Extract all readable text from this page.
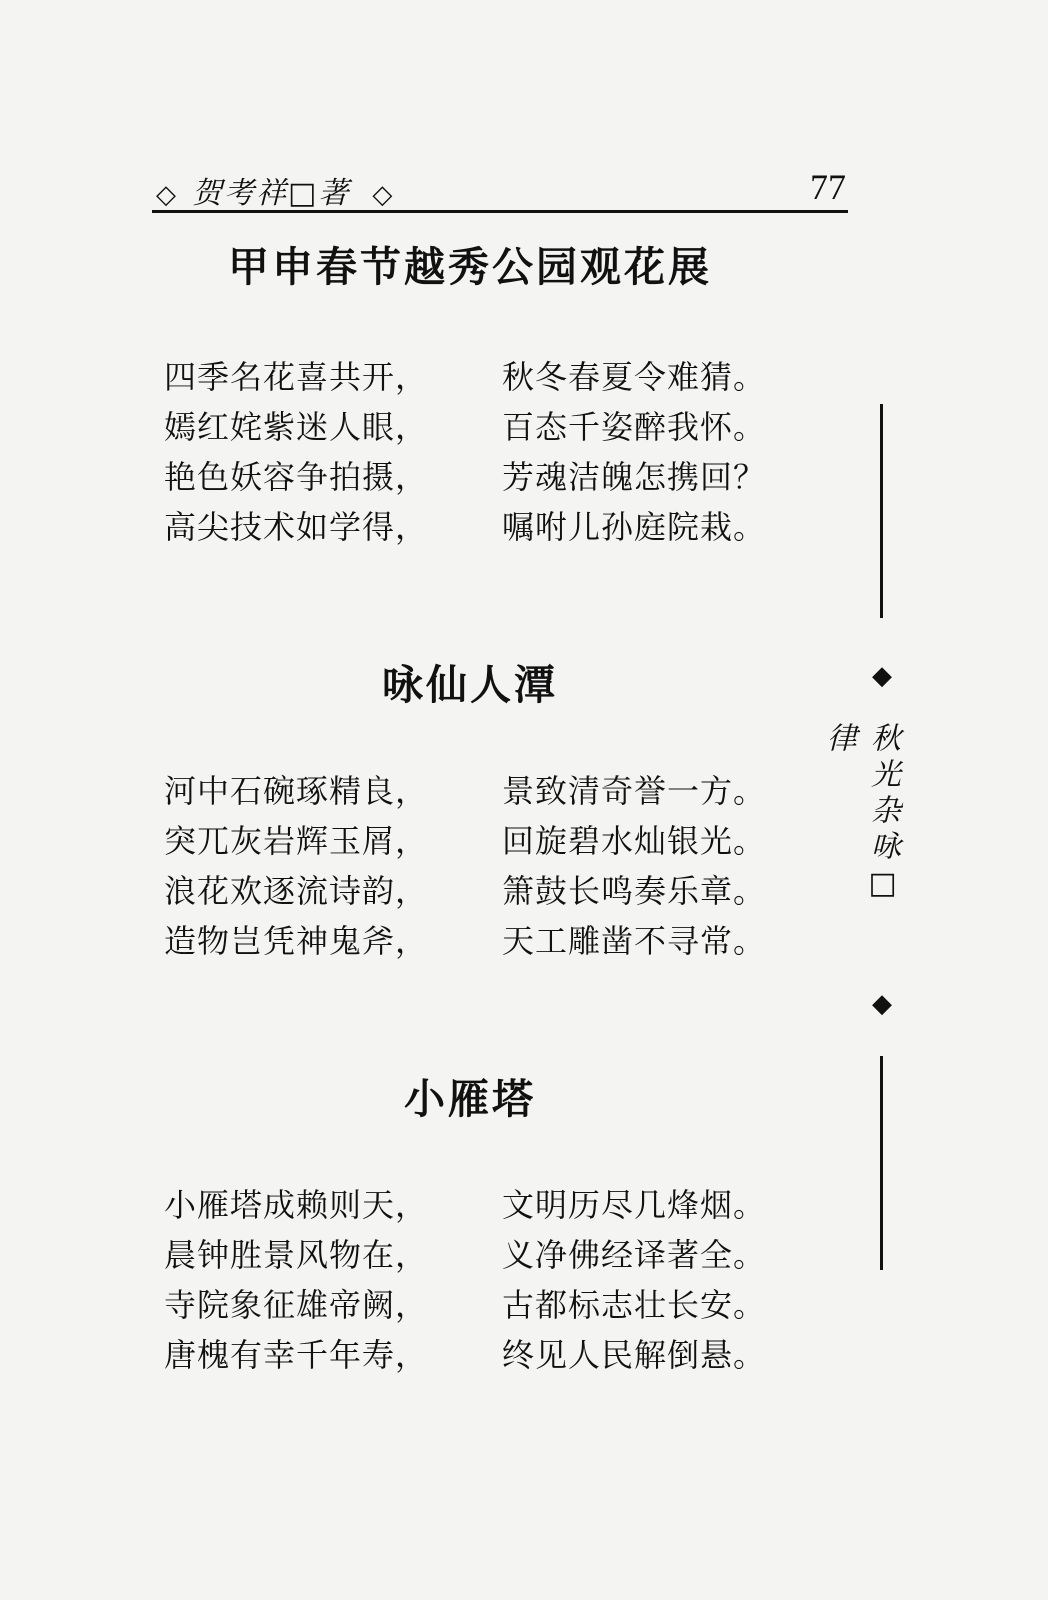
◇ 贺考祥□著 ◇	77
甲申春节越秀公园观花展
四季名花喜共开， 秋冬春夏令难猜。
嫣红姹紫迷人眼， 百态千姿醉我怀。
艳色妖容争拍摄， 芳魂洁魄怎携回？
高尖技术如学得， 嘱咐儿孙庭院栽。
咏仙人潭
河中石碗琢精良， 景致清奇誉一方。
突兀灰岩辉玉屑， 回旋碧水灿银光。
浪花欢逐流诗韵， 箫鼓长鸣奏乐章。
造物岂凭神鬼斧， 天工雕凿不寻常。
小雁塔
小雁塔成赖则天， 文明历尽几烽烟。
晨钟胜景风物在， 义净佛经译著全。
寺院象征雄帝阙， 古都标志壮长安。
唐槐有幸千年寿， 终见人民解倒悬。
◆
秋光杂咏□律
◆
